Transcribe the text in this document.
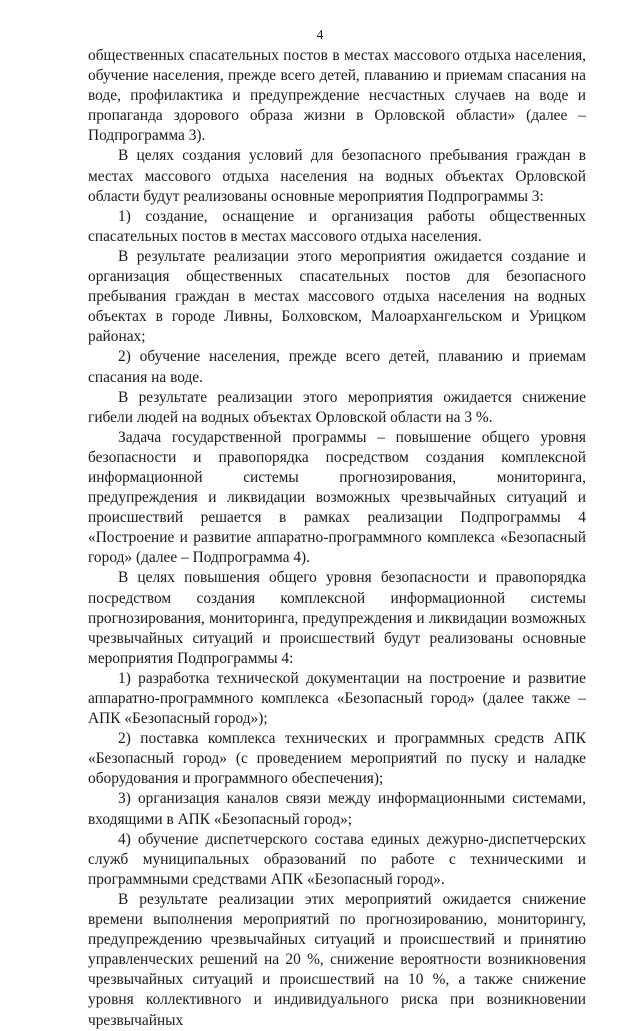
4

общественных спасательных постов в местах массового отдыха населения, обучение населения, прежде всего детей, плаванию и приемам спасания на воде, профилактика и предупреждение несчастных случаев на воде и пропаганда здорового образа жизни в Орловской области» (далее – Подпрограмма 3).

В целях создания условий для безопасного пребывания граждан в местах массового отдыха населения на водных объектах Орловской области будут реализованы основные мероприятия Подпрограммы 3:

1) создание, оснащение и организация работы общественных спасательных постов в местах массового отдыха населения.

В результате реализации этого мероприятия ожидается создание и организация общественных спасательных постов для безопасного пребывания граждан в местах массового отдыха населения на водных объектах в городе Ливны, Болховском, Малоархангельском и Урицком районах;

2) обучение населения, прежде всего детей, плаванию и приемам спасания на воде.

В результате реализации этого мероприятия ожидается снижение гибели людей на водных объектах Орловской области на 3 %.

Задача государственной программы – повышение общего уровня безопасности и правопорядка посредством создания комплексной информационной системы прогнозирования, мониторинга, предупреждения и ликвидации возможных чрезвычайных ситуаций и происшествий решается в рамках реализации Подпрограммы 4 «Построение и развитие аппаратно-программного комплекса «Безопасный город» (далее – Подпрограмма 4).

В целях повышения общего уровня безопасности и правопорядка посредством создания комплексной информационной системы прогнозирования, мониторинга, предупреждения и ликвидации возможных чрезвычайных ситуаций и происшествий будут реализованы основные мероприятия Подпрограммы 4:

1) разработка технической документации на построение и развитие аппаратно-программного комплекса «Безопасный город» (далее также – АПК «Безопасный город»);

2) поставка комплекса технических и программных средств АПК «Безопасный город» (с проведением мероприятий по пуску и наладке оборудования и программного обеспечения);

3) организация каналов связи между информационными системами, входящими в АПК «Безопасный город»;

4) обучение диспетчерского состава единых дежурно-диспетчерских служб муниципальных образований по работе с техническими и программными средствами АПК «Безопасный город».

В результате реализации этих мероприятий ожидается снижение времени выполнения мероприятий по прогнозированию, мониторингу, предупреждению чрезвычайных ситуаций и происшествий и принятию управленческих решений на 20 %, снижение вероятности возникновения чрезвычайных ситуаций и происшествий на 10 %, а также снижение уровня коллективного и индивидуального риска при возникновении чрезвычайных
